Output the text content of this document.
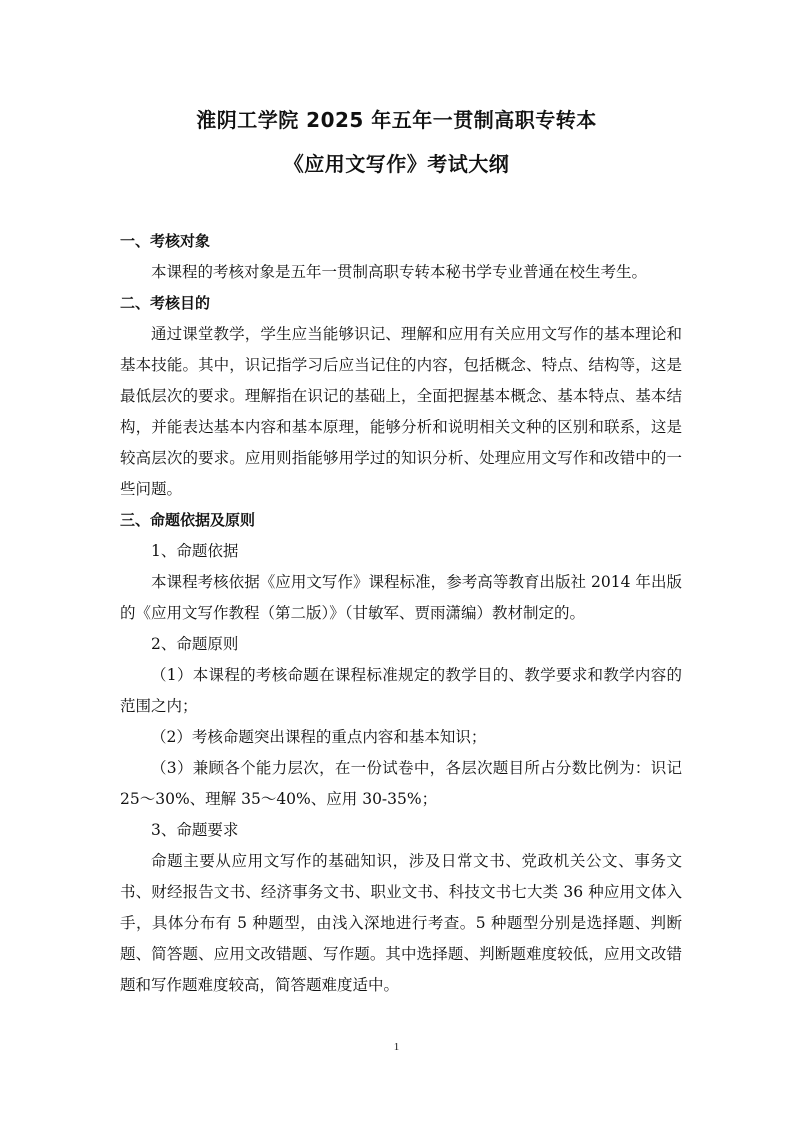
淮阴工学院 2025 年五年一贯制高职专转本
《应用文写作》考试大纲

一、考核对象

本课程的考核对象是五年一贯制高职专转本秘书学专业普通在校生考生。

二、考核目的

通过课堂教学，学生应当能够识记、理解和应用有关应用文写作的基本理论和基本技能。其中，识记指学习后应当记住的内容，包括概念、特点、结构等，这是最低层次的要求。理解指在识记的基础上，全面把握基本概念、基本特点、基本结构，并能表达基本内容和基本原理，能够分析和说明相关文种的区别和联系，这是较高层次的要求。应用则指能够用学过的知识分析、处理应用文写作和改错中的一些问题。

三、命题依据及原则

1、命题依据

本课程考核依据《应用文写作》课程标准，参考高等教育出版社 2014 年出版的《应用文写作教程（第二版）》（甘敏军、贾雨潇编）教材制定的。

2、命题原则

（1）本课程的考核命题在课程标准规定的教学目的、教学要求和教学内容的范围之内；

（2）考核命题突出课程的重点内容和基本知识；

（3）兼顾各个能力层次，在一份试卷中，各层次题目所占分数比例为：识记 25～30%、理解 35～40%、应用 30-35%；

3、命题要求

命题主要从应用文写作的基础知识，涉及日常文书、党政机关公文、事务文书、财经报告文书、经济事务文书、职业文书、科技文书七大类 36 种应用文体入手，具体分布有 5 种题型，由浅入深地进行考查。5 种题型分别是选择题、判断题、简答题、应用文改错题、写作题。其中选择题、判断题难度较低，应用文改错题和写作题难度较高，简答题难度适中。

1
